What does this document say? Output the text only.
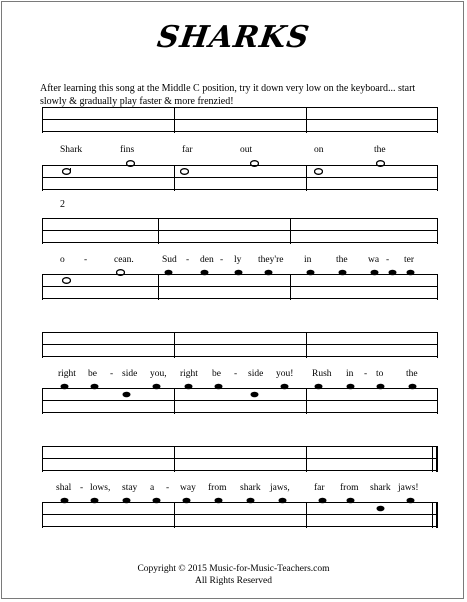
SHARKS
After learning this song at the Middle C position, try it down very low on the keyboard... start slowly & gradually play faster & more frenzied!
Shark	fins	far	out	on	the
2
o -	cean.	Sud - den - ly they're in	the wa - ter
right be - side you, right be - side you! Rush in - to the
shal - lows, stay a - way from shark jaws,	far from shark jaws!
Copyright © 2015 Music-for-Music-Teachers.com
All Rights Reserved
